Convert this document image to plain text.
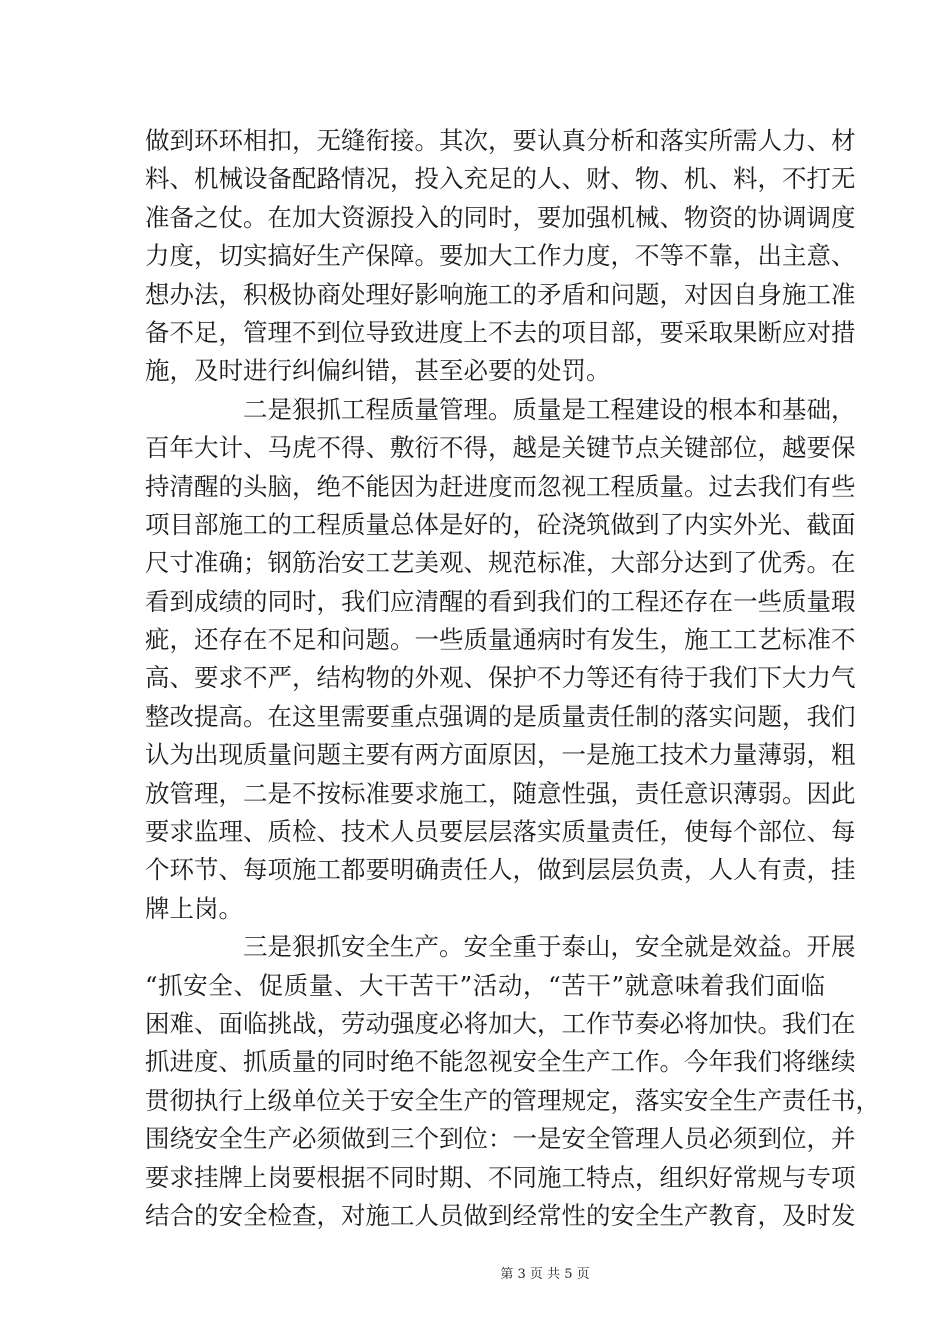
做到环环相扣，无缝衔接。其次，要认真分析和落实所需人力、材
料、机械设备配路情况，投入充足的人、财、物、机、料，不打无
准备之仗。在加大资源投入的同时，要加强机械、物资的协调调度
力度，切实搞好生产保障。要加大工作力度，不等不靠，出主意、
想办法，积极协商处理好影响施工的矛盾和问题，对因自身施工准
备不足，管理不到位导致进度上不去的项目部，要采取果断应对措
施，及时进行纠偏纠错，甚至必要的处罚。
二是狠抓工程质量管理。质量是工程建设的根本和基础，
百年大计、马虎不得、敷衍不得，越是关键节点关键部位，越要保
持清醒的头脑，绝不能因为赶进度而忽视工程质量。过去我们有些
项目部施工的工程质量总体是好的，砼浇筑做到了内实外光、截面
尺寸准确；钢筋治安工艺美观、规范标准，大部分达到了优秀。在
看到成绩的同时，我们应清醒的看到我们的工程还存在一些质量瑕
疵，还存在不足和问题。一些质量通病时有发生，施工工艺标准不
高、要求不严，结构物的外观、保护不力等还有待于我们下大力气
整改提高。在这里需要重点强调的是质量责任制的落实问题，我们
认为出现质量问题主要有两方面原因，一是施工技术力量薄弱，粗
放管理，二是不按标准要求施工，随意性强，责任意识薄弱。因此
要求监理、质检、技术人员要层层落实质量责任，使每个部位、每
个环节、每项施工都要明确责任人，做到层层负责，人人有责，挂
牌上岗。
三是狠抓安全生产。安全重于泰山，安全就是效益。开展
“抓安全、促质量、大干苦干”活动，“苦干”就意味着我们面临
困难、面临挑战，劳动强度必将加大，工作节奏必将加快。我们在
抓进度、抓质量的同时绝不能忽视安全生产工作。今年我们将继续
贯彻执行上级单位关于安全生产的管理规定，落实安全生产责任书，
围绕安全生产必须做到三个到位：一是安全管理人员必须到位，并
要求挂牌上岗要根据不同时期、不同施工特点，组织好常规与专项
结合的安全检查，对施工人员做到经常性的安全生产教育，及时发
第 3 页 共 5 页
